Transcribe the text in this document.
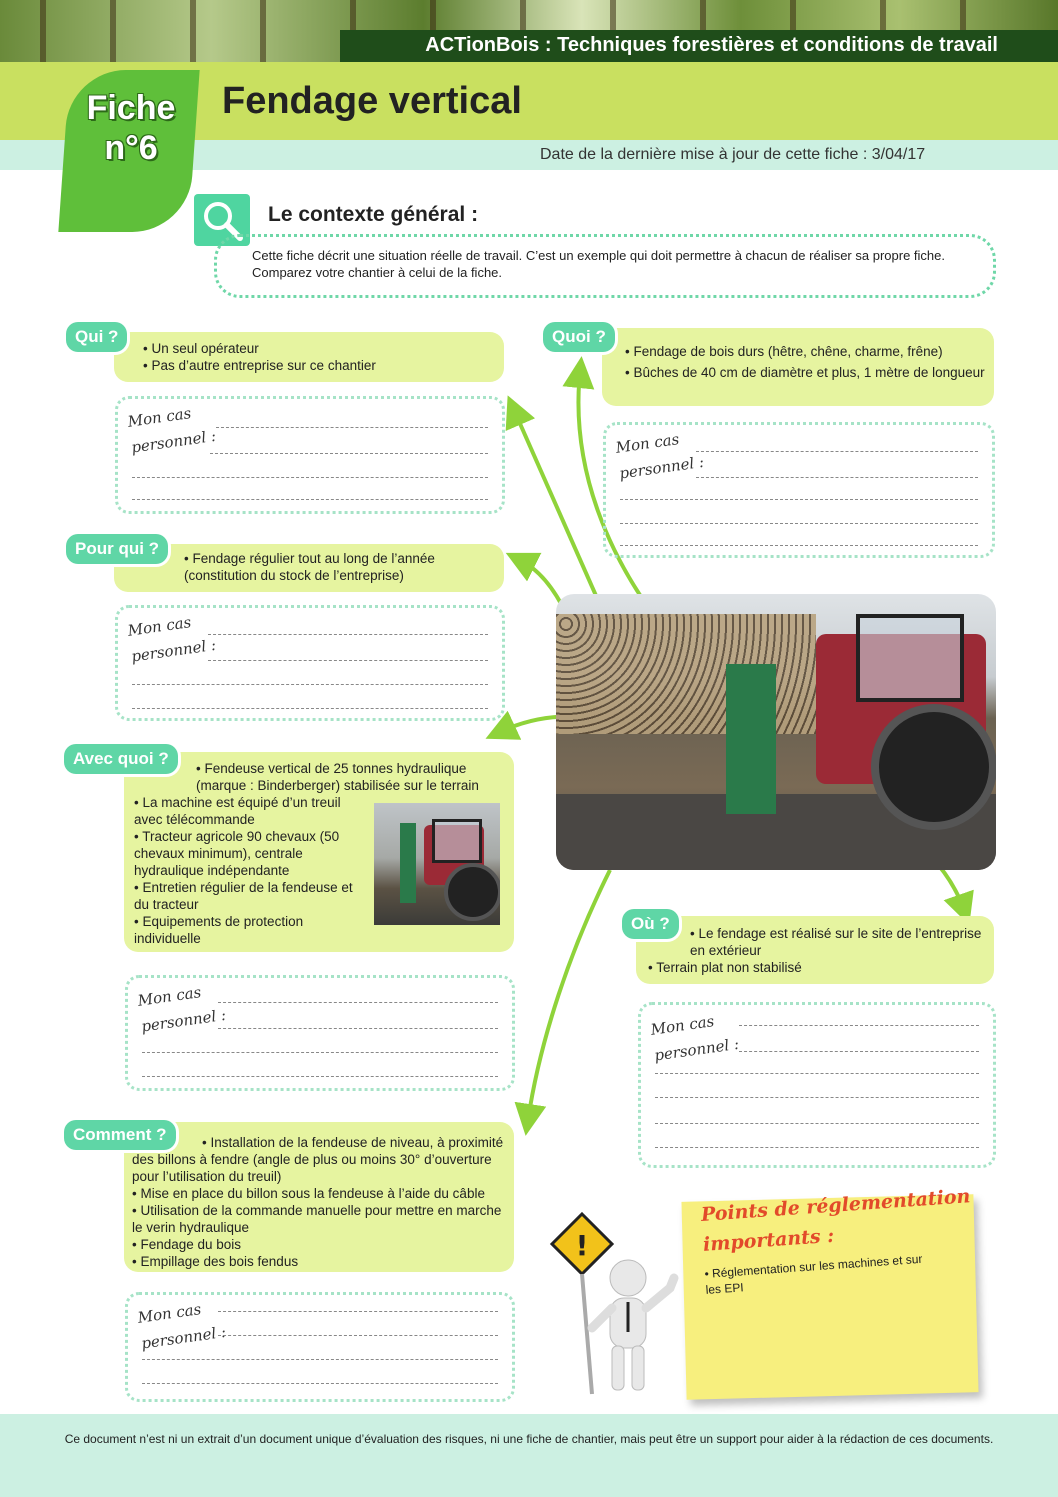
ACTionBois : Techniques forestières et conditions de travail
Fiche
n°6
Fendage vertical
Date de la dernière mise à jour de cette fiche : 3/04/17
Le contexte général :
Cette fiche décrit une situation réelle de travail. C’est un exemple qui doit permettre à chacun de réaliser sa propre fiche. Comparez votre chantier à celui de la fiche.
• Un seul opérateur
• Pas d’autre entreprise sur ce chantier
Qui ?
Mon cas
personnel :
• Fendage de bois durs (hêtre, chêne, charme, frêne)
• Bûches de 40 cm de diamètre et plus, 1 mètre de longueur
Quoi ?
Mon cas
personnel :
• Fendage régulier tout au long de l’année (constitution du stock de l’entreprise)
Pour qui ?
Mon cas
personnel :
• Fendeuse vertical de 25 tonnes hydraulique (marque : Binderberger) stabilisée sur le terrain
• La machine est équipé d’un treuil avec télécommande
• Tracteur agricole 90 chevaux (50 chevaux minimum), centrale hydraulique indépendante
• Entretien régulier de la fendeuse et du tracteur
• Equipements de protection individuelle
Avec quoi ?
Mon cas
personnel :
• Le fendage est réalisé sur le site de l’entreprise en extérieur
• Terrain plat non stabilisé
Où ?
Mon cas
personnel :
• Installation de la fendeuse de niveau, à proximité des billons à fendre (angle de plus ou moins 30° d’ouverture pour l’utilisation du treuil)
• Mise en place du billon sous la fendeuse à l’aide du câble
• Utilisation de la commande manuelle pour mettre en marche le verin hydraulique
• Fendage du bois
• Empillage des bois fendus
Comment ?
Mon cas
personnel :
!
Points de réglementation importants :
• Réglementation sur les machines et sur les EPI
Ce document n’est ni un extrait d’un document unique d’évaluation des risques, ni une fiche de chantier, mais peut être un support pour aider à la rédaction de ces documents.
